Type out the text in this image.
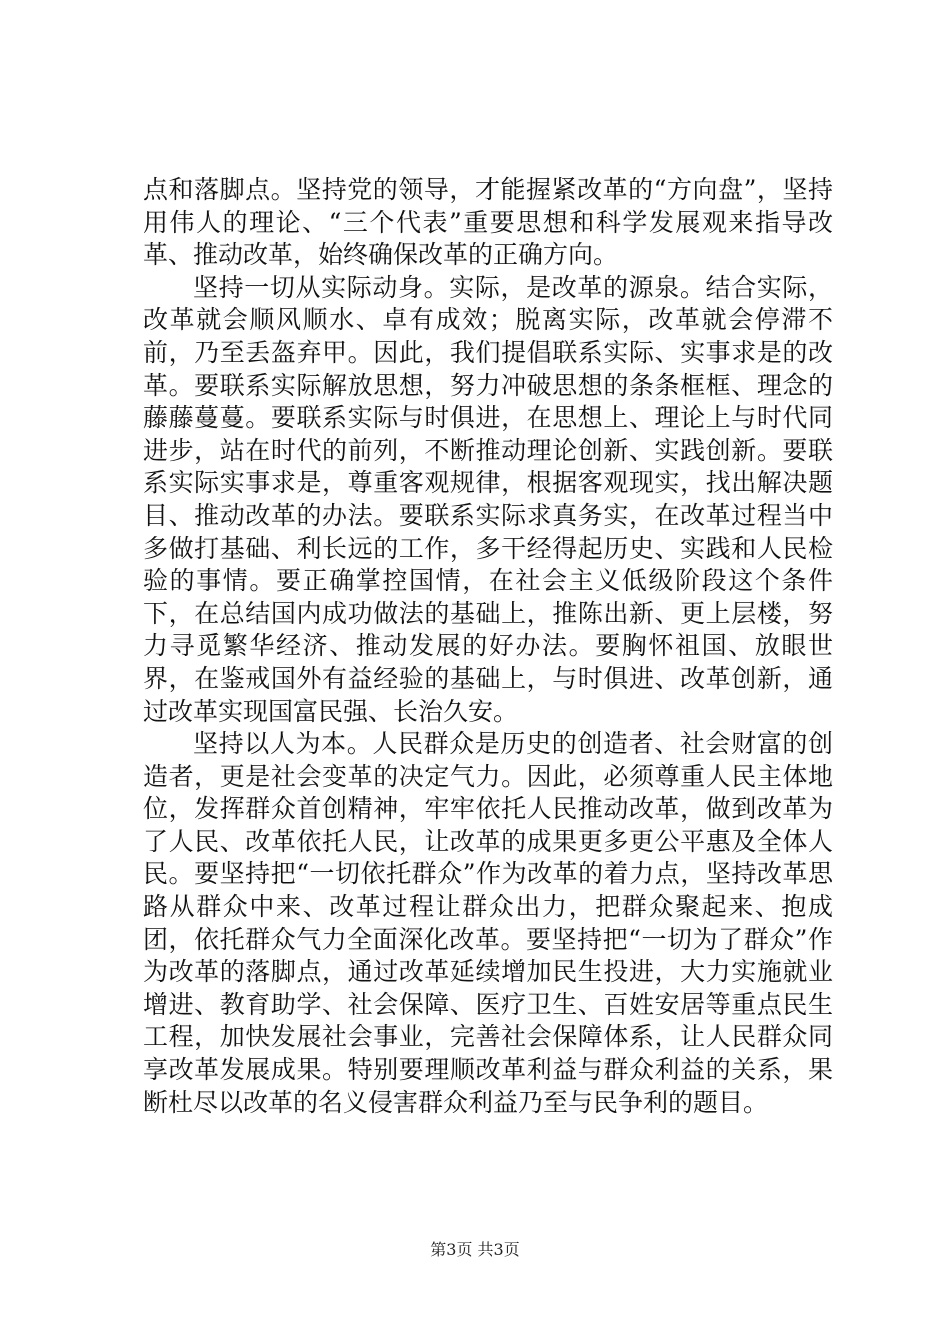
点和落脚点。坚持党的领导，才能握紧改革的“方向盘”，坚持用伟人的理论、“三个代表”重要思想和科学发展观来指导改革、推动改革，始终确保改革的正确方向。

坚持一切从实际动身。实际，是改革的源泉。结合实际，改革就会顺风顺水、卓有成效；脱离实际，改革就会停滞不前，乃至丢盔弃甲。因此，我们提倡联系实际、实事求是的改革。要联系实际解放思想，努力冲破思想的条条框框、理念的藤藤蔓蔓。要联系实际与时俱进，在思想上、理论上与时代同进步，站在时代的前列，不断推动理论创新、实践创新。要联系实际实事求是，尊重客观规律，根据客观现实，找出解决题目、推动改革的办法。要联系实际求真务实，在改革过程当中多做打基础、利长远的工作，多干经得起历史、实践和人民检验的事情。要正确掌控国情，在社会主义低级阶段这个条件下，在总结国内成功做法的基础上，推陈出新、更上层楼，努力寻觅繁华经济、推动发展的好办法。要胸怀祖国、放眼世界，在鉴戒国外有益经验的基础上，与时俱进、改革创新，通过改革实现国富民强、长治久安。

坚持以人为本。人民群众是历史的创造者、社会财富的创造者，更是社会变革的决定气力。因此，必须尊重人民主体地位，发挥群众首创精神，牢牢依托人民推动改革，做到改革为了人民、改革依托人民，让改革的成果更多更公平惠及全体人民。要坚持把“一切依托群众”作为改革的着力点，坚持改革思路从群众中来、改革过程让群众出力，把群众聚起来、抱成团，依托群众气力全面深化改革。要坚持把“一切为了群众”作为改革的落脚点，通过改革延续增加民生投进，大力实施就业增进、教育助学、社会保障、医疗卫生、百姓安居等重点民生工程，加快发展社会事业，完善社会保障体系，让人民群众同享改革发展成果。特别要理顺改革利益与群众利益的关系，果断杜尽以改革的名义侵害群众利益乃至与民争利的题目。

第3页 共3页
